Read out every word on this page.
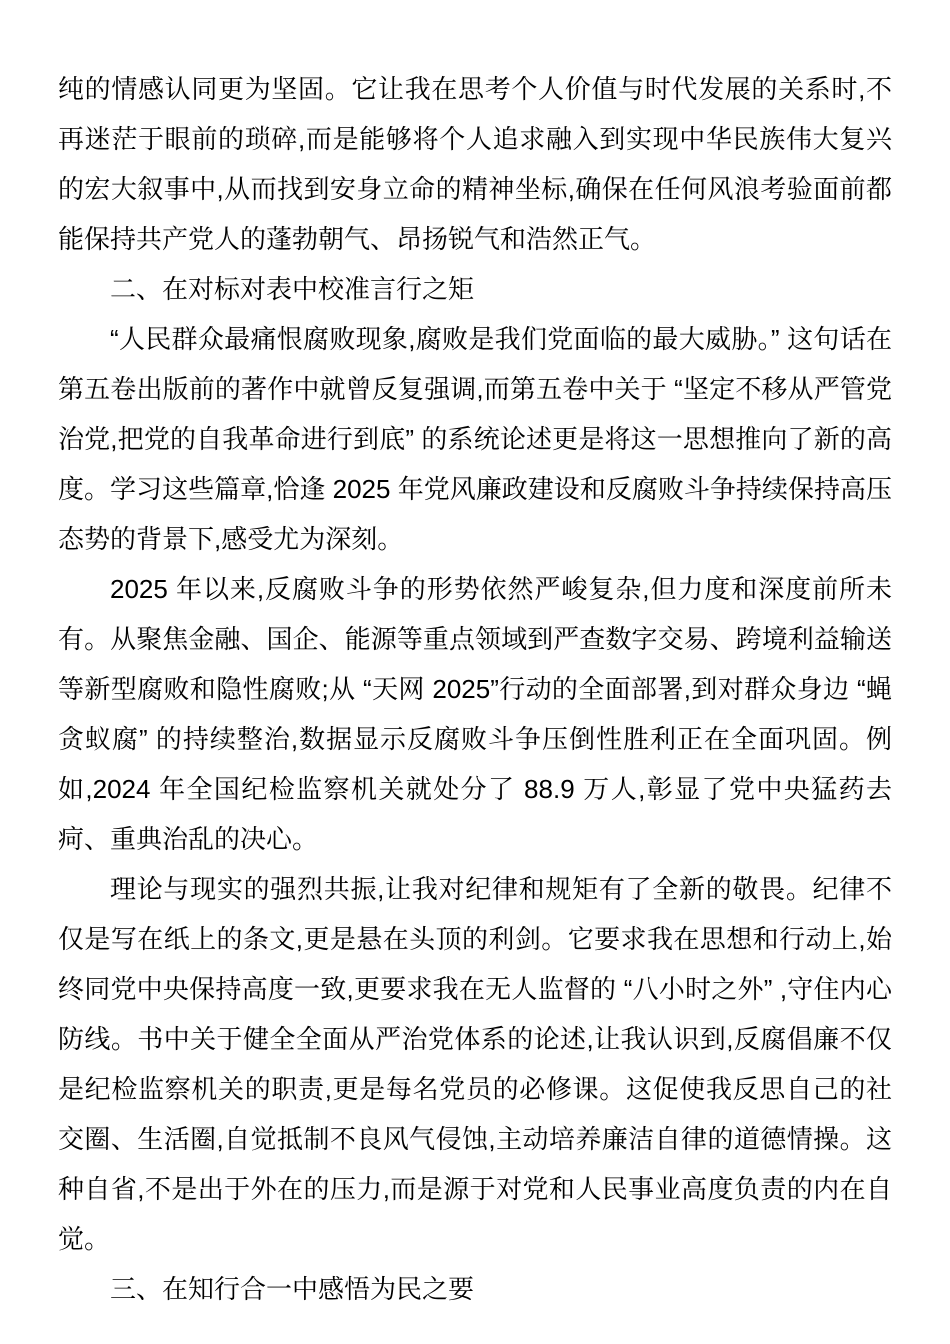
纯的情感认同更为坚固。它让我在思考个人价值与时代发展的关系时,不再迷茫于眼前的琐碎,而是能够将个人追求融入到实现中华民族伟大复兴的宏大叙事中,从而找到安身立命的精神坐标,确保在任何风浪考验面前都能保持共产党人的蓬勃朝气、昂扬锐气和浩然正气。

二、在对标对表中校准言行之矩

“人民群众最痛恨腐败现象,腐败是我们党面临的最大威胁。” 这句话在第五卷出版前的著作中就曾反复强调,而第五卷中关于 “坚定不移从严管党治党,把党的自我革命进行到底” 的系统论述更是将这一思想推向了新的高度。学习这些篇章,恰逢 2025 年党风廉政建设和反腐败斗争持续保持高压态势的背景下,感受尤为深刻。

2025 年以来,反腐败斗争的形势依然严峻复杂,但力度和深度前所未有。从聚焦金融、国企、能源等重点领域到严查数字交易、跨境利益输送等新型腐败和隐性腐败;从 “天网 2025”行动的全面部署,到对群众身边 “蝇贪蚁腐” 的持续整治,数据显示反腐败斗争压倒性胜利正在全面巩固。例如,2024 年全国纪检监察机关就处分了 88.9 万人,彰显了党中央猛药去疴、重典治乱的决心。

理论与现实的强烈共振,让我对纪律和规矩有了全新的敬畏。纪律不仅是写在纸上的条文,更是悬在头顶的利剑。它要求我在思想和行动上,始终同党中央保持高度一致,更要求我在无人监督的 “八小时之外” ,守住内心防线。书中关于健全全面从严治党体系的论述,让我认识到,反腐倡廉不仅是纪检监察机关的职责,更是每名党员的必修课。这促使我反思自己的社交圈、生活圈,自觉抵制不良风气侵蚀,主动培养廉洁自律的道德情操。这种自省,不是出于外在的压力,而是源于对党和人民事业高度负责的内在自觉。

三、在知行合一中感悟为民之要
